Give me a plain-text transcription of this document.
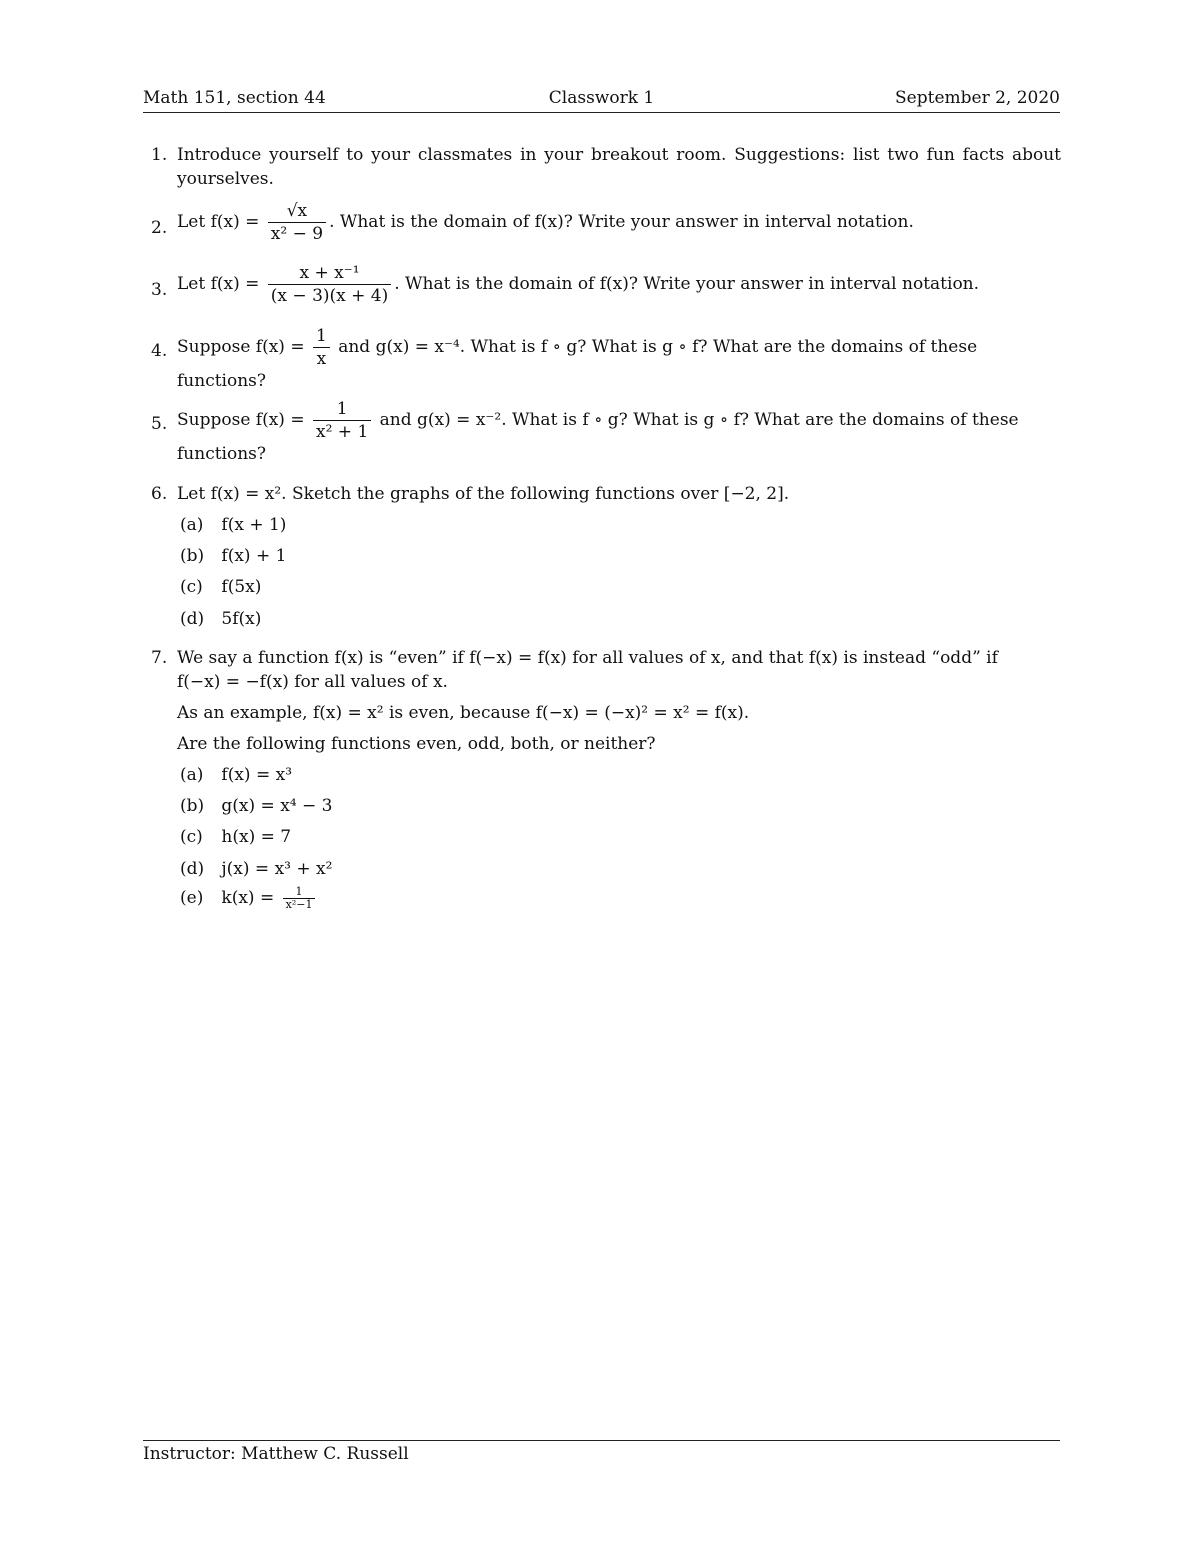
Math 151, section 44	Classwork 1	September 2, 2020
1. Introduce yourself to your classmates in your breakout room. Suggestions: list two fun facts about yourselves.
2. Let $f(x) = \frac{√x}{\text{x² − 9}}$ . What is the domain of f(x)? Write your answer in interval notation.
3. Let $f(x) = \frac{\text{x + x⁻¹}}{(x - 3)(x + 4)}$ . What is the domain of f(x)? Write your answer in interval notation.
4. Suppose $f(x) = \frac{1}{x}$ and g(x) = x⁻⁴. What is f ∘ g? What is g ∘ f? What are the domains of these
functions?
5. Suppose $f(x) = \frac{1}{\text{x² + 1}}$ and g(x) = x⁻². What is f ∘ g? What is g ∘ f? What are the domains of these
functions?
6. Let f(x) = x². Sketch the graphs of the following functions over [−2, 2].
(a) f(x + 1)
(b) f(x) + 1
(c) f(5x)
(d) 5f(x)
7. We say a function f(x) is “even” if f(−x) = f(x) for all values of x, and that f(x) is instead “odd” if
f(−x) = −f(x) for all values of x.
As an example, f(x) = x² is even, because f(−x) = (−x)² = x² = f(x).
Are the following functions even, odd, both, or neither?
(a) f(x) = x³
(b) g(x) = x⁴ − 3
(c) h(x) = 7
(d) j(x) = x³ + x²
(e) $k(x) = \frac{1}{\text{x²−1}}$
Instructor: Matthew C. Russell
